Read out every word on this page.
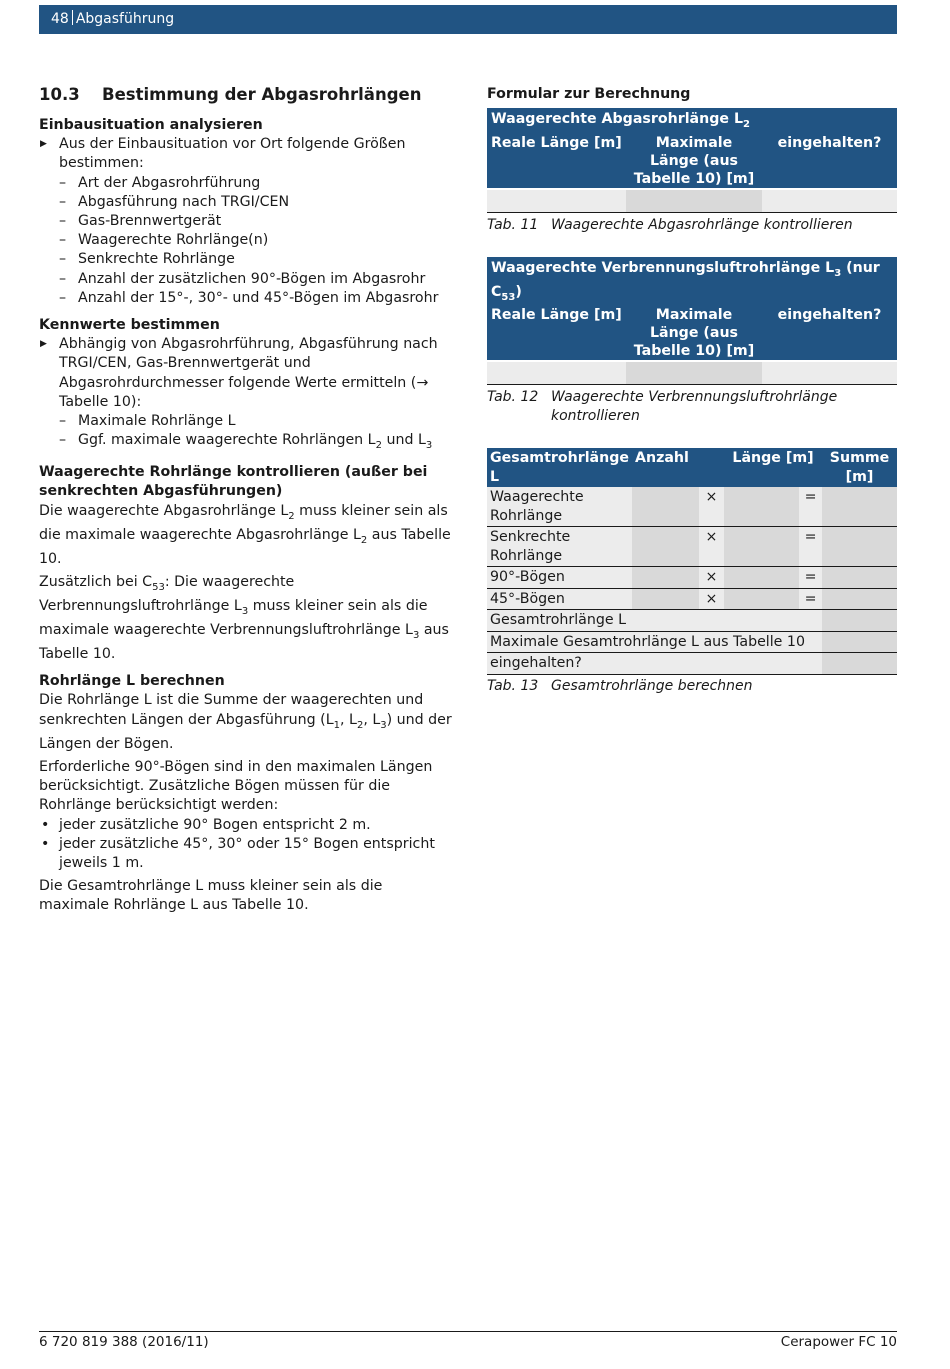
48 Abgasführung
10.3 Bestimmung der Abgasrohrlängen
Einbausituation analysieren
▶ Aus der Einbausituation vor Ort folgende Größen bestimmen:
– Art der Abgasrohrführung
– Abgasführung nach TRGI/CEN
– Gas-Brennwertgerät
– Waagerechte Rohrlänge(n)
– Senkrechte Rohrlänge
– Anzahl der zusätzlichen 90°-Bögen im Abgasrohr
– Anzahl der 15°-, 30°- und 45°-Bögen im Abgasrohr
Kennwerte bestimmen
▶ Abhängig von Abgasrohrführung, Abgasführung nach TRGI/CEN, Gas-Brennwertgerät und Abgasrohrdurchmesser folgende Werte ermitteln (→ Tabelle 10):
– Maximale Rohrlänge L
– Ggf. maximale waagerechte Rohrlängen $L_2$ und $L_3$
Waagerechte Rohrlänge kontrollieren (außer bei senkrechten Abgasführungen)
Die waagerechte Abgasrohrlänge $L_2$ muss kleiner sein als die maximale waagerechte Abgasrohrlänge $L_2$ aus Tabelle 10.
Zusätzlich bei $C_{53}$: Die waagerechte Verbrennungsluftrohrlänge $L_3$ muss kleiner sein als die maximale waagerechte Verbrennungsluftrohrlänge $L_3$ aus Tabelle 10.
Rohrlänge L berechnen
Die Rohrlänge L ist die Summe der waagerechten und senkrechten Längen der Abgasführung ($L_1$, $L_2$, $L_3$) und der Längen der Bögen.
Erforderliche 90°-Bögen sind in den maximalen Längen berücksichtigt. Zusätzliche Bögen müssen für die Rohrlänge berücksichtigt werden:
• jeder zusätzliche 90° Bogen entspricht 2 m.
• jeder zusätzliche 45°, 30° oder 15° Bogen entspricht jeweils 1 m.
Die Gesamtrohrlänge L muss kleiner sein als die maximale Rohrlänge L aus Tabelle 10.
Formular zur Berechnung
Waagerechte Abgasrohrlänge $L_2$
Reale Länge [m]	Maximale Länge (aus Tabelle 10) [m]	eingehalten?

Tab. 11 Waagerechte Abgasrohrlänge kontrollieren
Waagerechte Verbrennungsluftrohrlänge $L_3$ (nur $C_{53}$)		
Reale Länge [m]	Maximale Länge (aus Tabelle 10) [m]	eingehalten?

Tab. 12 Waagerechte Verbrennungsluftrohrlänge kontrollieren
Gesamtrohrlänge L	Anzahl		Länge [m]		Summe [m]
Waagerechte Rohrlänge		×		=	
Senkrechte Rohrlänge		×		=	
90°-Bögen		×		=	
45°-Bögen		×		=	
Gesamtrohrlänge L					
Maximale Gesamtrohrlänge L aus Tabelle 10					
eingehalten?					
Tab. 13 Gesamtrohrlänge berechnen
6 720 819 388 (2016/11)	Cerapower FC 10
